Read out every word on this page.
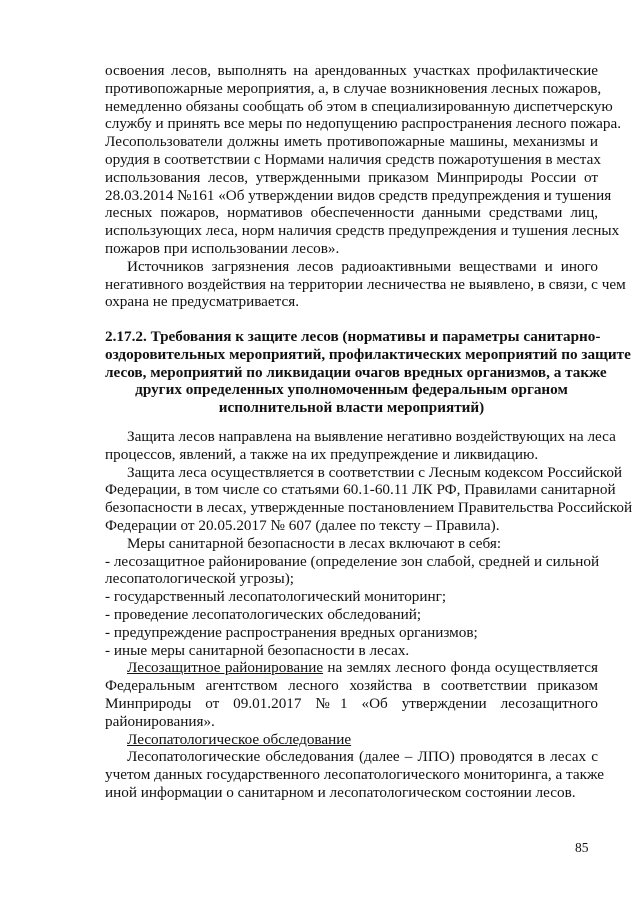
освоения лесов, выполнять на арендованных участках профилактические
противопожарные мероприятия, а, в случае возникновения лесных пожаров,
немедленно обязаны сообщать об этом в специализированную диспетчерскую
службу и принять все меры по недопущению распространения лесного пожара.
Лесопользователи должны иметь противопожарные машины, механизмы и
орудия в соответствии с Нормами наличия средств пожаротушения в местах
использования лесов, утвержденными приказом Минприроды России от
28.03.2014 №161 «Об утверждении видов средств предупреждения и тушения
лесных пожаров, нормативов обеспеченности данными средствами лиц,
использующих леса, норм наличия средств предупреждения и тушения лесных
пожаров при использовании лесов».
Источников загрязнения лесов радиоактивными веществами и иного
негативного воздействия на территории лесничества не выявлено, в связи, с чем
охрана не предусматривается.
2.17.2. Требования к защите лесов (нормативы и параметры санитарно-
оздоровительных мероприятий, профилактических мероприятий по защите
лесов, мероприятий по ликвидации очагов вредных организмов, а также
других определенных уполномоченным федеральным органом
исполнительной власти мероприятий)
Защита лесов направлена на выявление негативно воздействующих на леса
процессов, явлений, а также на их предупреждение и ликвидацию.
Защита леса осуществляется в соответствии с Лесным кодексом Российской
Федерации, в том числе со статьями 60.1-60.11 ЛК РФ, Правилами санитарной
безопасности в лесах, утвержденные постановлением Правительства Российской
Федерации от 20.05.2017 № 607 (далее по тексту – Правила).
Меры санитарной безопасности в лесах включают в себя:
- лесозащитное районирование (определение зон слабой, средней и сильной
лесопатологической угрозы);
- государственный лесопатологический мониторинг;
- проведение лесопатологических обследований;
- предупреждение распространения вредных организмов;
- иные меры санитарной безопасности в лесах.
Лесозащитное районирование на землях лесного фонда осуществляется
Федеральным агентством лесного хозяйства в соответствии приказом
Минприроды от 09.01.2017 №1 «Об утверждении лесозащитного
районирования».
Лесопатологическое обследование
Лесопатологические обследования (далее – ЛПО) проводятся в лесах с
учетом данных государственного лесопатологического мониторинга, а также
иной информации о санитарном и лесопатологическом состоянии лесов.
85
